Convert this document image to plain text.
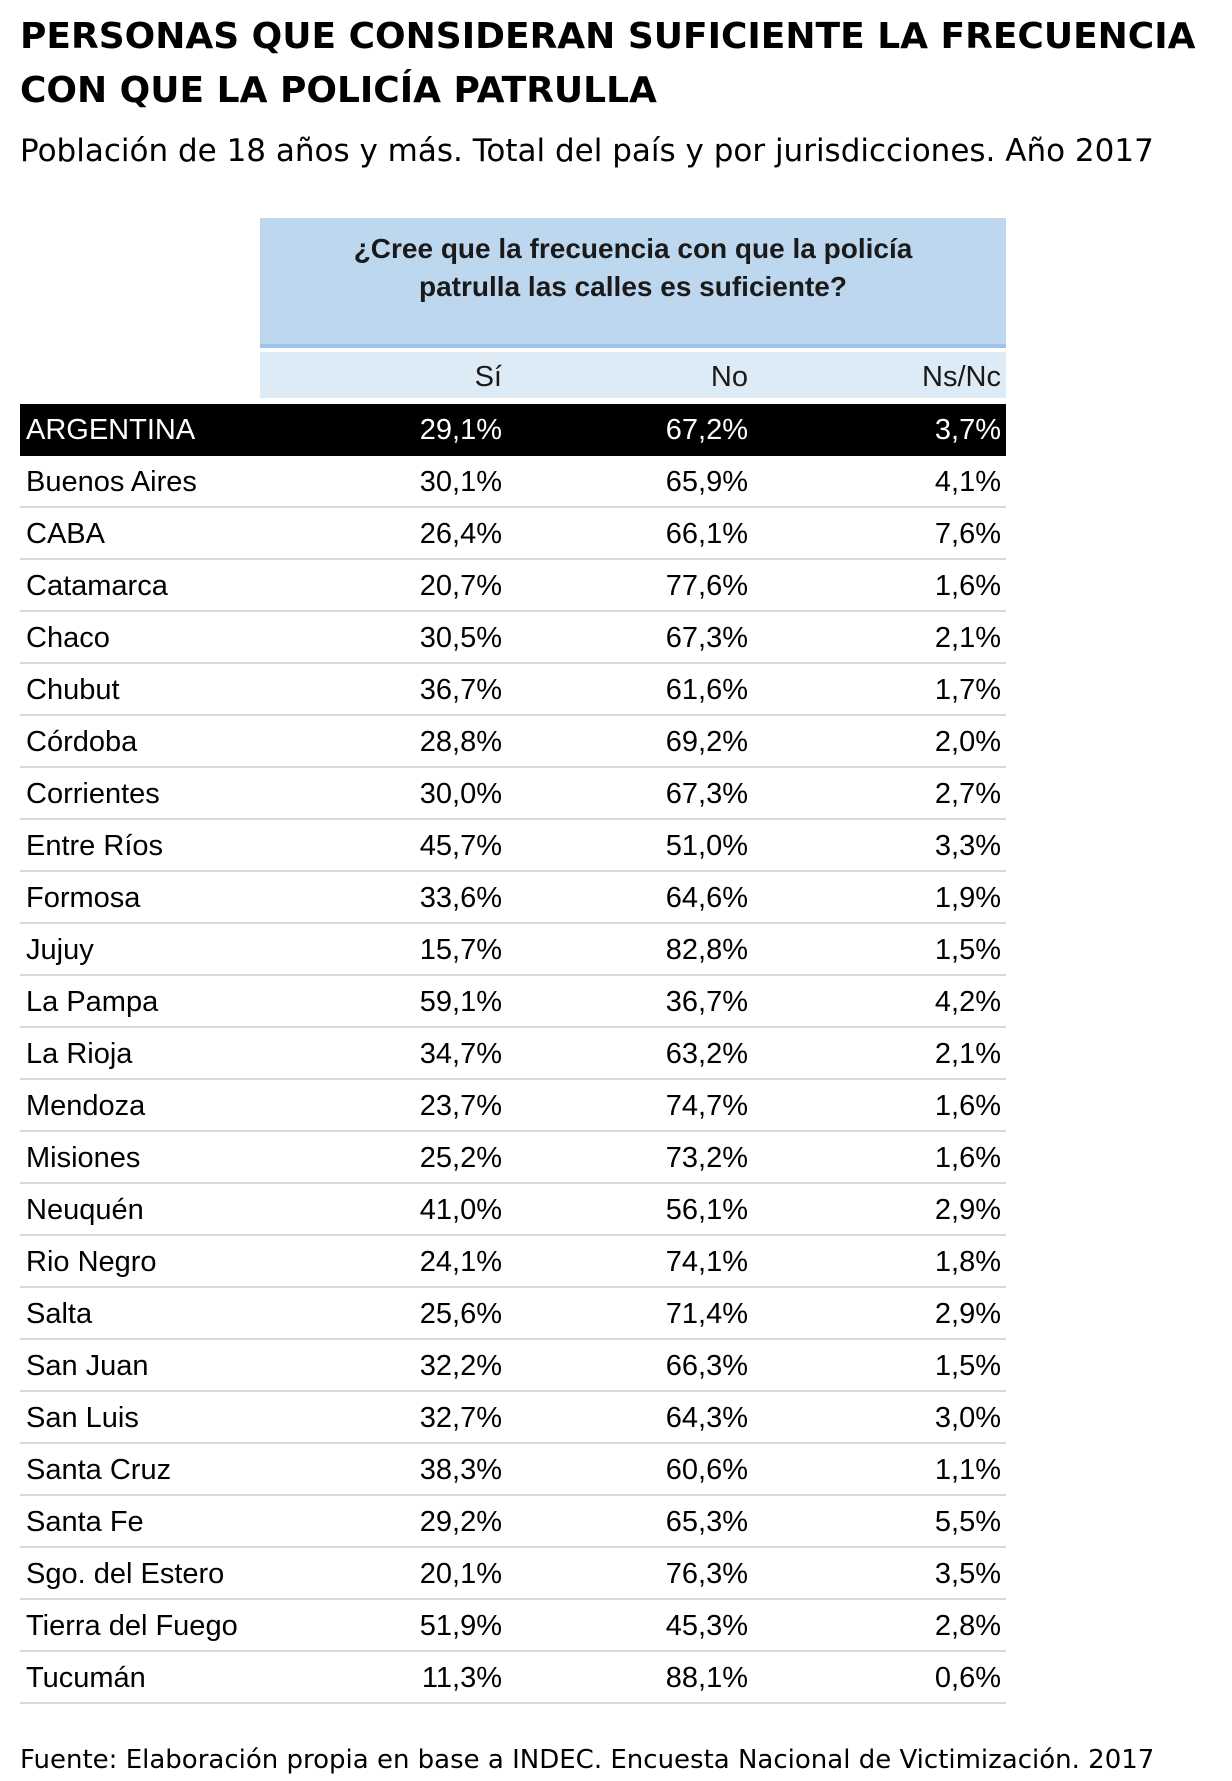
PERSONAS QUE CONSIDERAN SUFICIENTE LA FRECUENCIA CON QUE LA POLICÍA PATRULLA

Población de 18 años y más. Total del país y por jurisdicciones. Año 2017

¿Cree que la frecuencia con que la policía patrulla las calles es suficiente?
Sí	No	Ns/Nc
ARGENTINA	29,1%	67,2%	3,7%
Buenos Aires	30,1%	65,9%	4,1%
CABA	26,4%	66,1%	7,6%
Catamarca	20,7%	77,6%	1,6%
Chaco	30,5%	67,3%	2,1%
Chubut	36,7%	61,6%	1,7%
Córdoba	28,8%	69,2%	2,0%
Corrientes	30,0%	67,3%	2,7%
Entre Ríos	45,7%	51,0%	3,3%
Formosa	33,6%	64,6%	1,9%
Jujuy	15,7%	82,8%	1,5%
La Pampa	59,1%	36,7%	4,2%
La Rioja	34,7%	63,2%	2,1%
Mendoza	23,7%	74,7%	1,6%
Misiones	25,2%	73,2%	1,6%
Neuquén	41,0%	56,1%	2,9%
Rio Negro	24,1%	74,1%	1,8%
Salta	25,6%	71,4%	2,9%
San Juan	32,2%	66,3%	1,5%
San Luis	32,7%	64,3%	3,0%
Santa Cruz	38,3%	60,6%	1,1%
Santa Fe	29,2%	65,3%	5,5%
Sgo. del Estero	20,1%	76,3%	3,5%
Tierra del Fuego	51,9%	45,3%	2,8%
Tucumán	11,3%	88,1%	0,6%

Fuente: Elaboración propia en base a INDEC. Encuesta Nacional de Victimización. 2017
